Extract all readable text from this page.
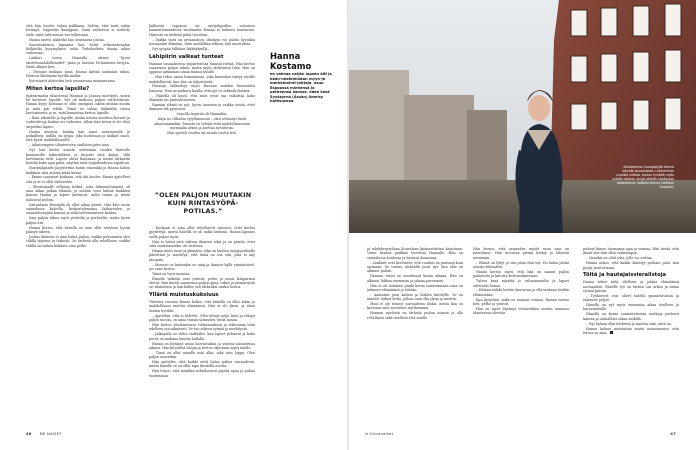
että hän huolee siihen palkkaan. Selvisi, että tauti onkin levinnyt, loppuikin kumppani. Siinä vaiheessa ei tiedetty vielä, mitä tulevaisuus tuo tullessaan.

Hanna mietti, näkeekö hän seuraavaa joulua.

Saavatuksensa tapaama hän heitti erikoissairaalan lääkäriltä kysymyksen: onko Terhokodista tämän aikaa vaiheessa?

Lääkäri totesi Hannalle olevan ”hyvät taistelumahdollisuudet” pään ja luuston leviämiseen liittyen. Hoito alkaisi heti.

– Olemme mukana siinä, Hanna kiittää sairaalan tukea. Hoitoon lähdimme hyvillä mielin.

Sytostaatit aloitettiin heti seuraavana maanantaina.

Miten kertoa lapsille?

Epävarmassa tilanteessa Hannaa ja Jannea mietitytti, miten he kertovat lapsille. Nyt oli tiedossa paljon selvitettävää. Hanna kysyi Kostamo ei ollut enempää oikein mitään muuta ja mitä piti tehdä. Tämä on vähän lääkäriltä tietoa kertomisesta ja se, mitä kannattaa kertoa lapsille.

– Ihan aikuisille ja lapsille, koska asioita muuttuu kovasti ja vaihtoehtoja hoidon eri vaiheissa, silloin kun tietoa ei ole ollut tarpeeksi lapset.

Hanna muistaa, kuinka hän sanoi nuorimmalle ja poikalleen: äidillä on syöpä, joka hoidetaan ja lääkäri sanoi, että hyvät mahdollisuudet.

– Aikuisempien tilanteeseen sisältäen juttu aina.

Nyt hän kertoi asiasta seitsemän vuoden ikäiselle kauniaisille kaksoisilleen ja kirjoitti siitä kirjan, sillä kertomista riitti. Lapset olivat kanssaan, ja tuntui tärkeältä heittää koko ajan pitää, näyttää mitä syöpähoidossa tapahtuu.

Syntymäpäivät järjestettiin kuten ennenkin ja Hanna halusi kaikkien siitä arjesta pitää kiinni.

– Emme sanoneet koskaan, että äiti kuolee. Emme ajatelleet sitä ja se ei ollut vaihtoehto.

– Muistamalle sellaisia hetkiä, joita lukuunottamatta oli aina aikaa jatkaa elämää, ja mitään voisi laittaa kaikkien kanssa Hanna ja lapset kertoivat, miltä tuntui ja mistä halusivat puhua.

Sairaalassa Hannalla oli ollut aikaa päivät. Hän kävi usein sairaalassa kahvilla, keskustelemassa lääkäreiden ja sairaanhoitajien kanssa ja mitä tulevaisuuteen kuuluu.

Sain paljon tukea myös ystäviltä ja perheeltä, mutta hyvin paljon itse.

Hanna kertoo, että hänellä on aina ollut erityisen hyvää pääsyä tukeen.

Joskus ihminen ei aina halua puhua, vaikka puhuminen olisi välillä tarpeen ja tärkeää. On tärkeää olla rehellinen, vaikka välillä on vaikea kohdata oma pelko.

kallioista tapaavat tai sytöpilujoiden voitaessa hanmattomuudesta huolimatta Hanna ei haluaisi hautautua. Hänestä on tärkeää pitää tavoittaa.

– Vaikka tauti on arvaamaton, ilmiinen voi palata hyvinkin normaaliin elämään. Näin mielellään tekisin, hän muistuttaa.

Nyt syöpää hillitään lääkityksellä.

Lähipiirin vaikeat tunteet

Hannan sosiaalisessa ympäristössä ihmisiä riittää. Hän kertoo osaavansa paljon tukea, mutta myös jättävänsä tilaa. Hän on oppinut antamaan oman tilansa toisille.

– Hän tekee omaa hommaansa, joka kuitenkin siirtyy toisille mahdollisesti, kun hän on tyhjentävää.

Huonoja välituuloja myös Hannan muiden haasteiden lomassa. Niin on mukava kuulla, että nyt on tärkeää ihmisiä.

– Hänellä oli kuuti, että asiat eivät saa vaikuttaa koko elämään tai parisuhteeseen.

Hannan elämä on nyt, hyvin tasainen ja vaikka tietää, ettei ihminen elä pysyvästi.

Sancilla liepivää oli Hannahin:

Käyn ne tilkoista sytyttanmuun – olen selvinnyt tästä aikaisemminkin. Parasta on tyttäät ettäi mahdollisuutena normaalia arkea ja asettaa tavoitteita.

Hän ajatteli vuoden tai monta vuotta sitä.

– Koskaan ei aina ollut rehellisesti sanonut, ettei kertoa pyydettyä, mutta hänellä se oli mikä tiedossa. Hanna lapsuus siellä palasi myös.

Hän ei halua siitä vahvan ihmisen siksi ja on päivää, ettei siitä sairastamiskin ole tiedossa.

Hanna myös tunsi ja ymmärsi, joka on kuuluu syöpäpotilaalle päivittäin ja mietittyä, että tämä on osa sitä, joka ei näy ulospäin.

– Monesti se kuitenkin on näin ja ihmiset kyllä ymmärtävät, jos vaan kertoo.

Tämä on hyvä muistaa.

Hänelle tärkeää ovat ystävät, perhe ja muut lähipiirissä olevat. Hän kertoi saaneensa paljon apua, tukea ja ymmärrystä eri tilanteissa ja hän kokee sen tärkeäksi osaksi hoitoa.

Ylläriä muistuskuksiuus

Tulevina vuosina Hanna kokee, että hänellä on ollut aikaa ja mahdollisuus miettiä elämäänsä. Hän ei ole yksin, ja tämä tuntuu hyvältä.

– Ajatteliin, että ei helvetti. Olen tehnyt nelja lasta ja tehnyt paljon muuta, en anna tämän sairauden viedä minua.

Hän kertoo aloittaneensa valmennuksen ja tekevänsä töitä edelleen osa-aikaisesti. Se tuo arkeen rytmiä ja merkitystä.

– Jalkapallo on tullut tärkeäksi, kun lapset pelaavat ja koko perhe on mukana kentän laidalla.

Hanna on löytänyt uusia harrastuksia ja ystäviä sairautensa aikana. Hän kirjoittaa blogia ja kertoo arjestaan myös muille.

– Tämä on ollut minulle uusi alku, eikä vain loppu. Olen paljon muutakin.

Hän ajattelee, että kaikki eivät halua puhua sairaudesta, mutta hänelle se on ollut tapa käsitellä asioita.

Hän toivoo, että muutkin uskaltaisivat pyytää apua ja puhua tunteistaan.

”OLEN PALJON MUUTAKIN KUIN RINTASYÖPÄ-POTILAS.”
Hanna
Kostamo
ee vaimaa neljän lapsen äiti ja kään-nöstoimiston myyn-ja markkinointi-johtaja. asuu Espoossa miehensä ja perheensä kanssa. edee kesä Syväsyrnä (Ärpän) ilmeisy hultisuussa.
46 ME NAISET
Aikaisemmin kauppatytöt Hanna kävivät kuvauksissa. Liikkuminen suurisiä viikkoa, tuntuu hyvältä myös syövän aikana. Kuvat otettiin kesäsyssa kotisataman kalliolla Hanna Lahtisen taustalla.

ja tulehduspotilaan Kouvalaan käännettävinä katsotaan. Viime kesänä paikkaa tarvittiin Hannalle. Hän on sairaalassa hoidossa ja hyvässä kunnossa.

– Lääkärit ovat kertoneet, että vointini on parempi kuin aiemmin. Se tuntuu tärkeältä juuri nyt, kun arki on alkanut palata.

Hannan vointi on muuttunut kesän aikana. Hän on alkanut liikkua enemmän ja jaksaa paremmin.

Hän ei ole halunnut jäädä kotiin sairastamaan vaan on jatkanut elämäänsä ja töitään.

– Aamuisin juon kahvin ja lähden kävelylle. Se on minulle tärkeä hetki, jolloin saan olla yksin ja miettiä.

Moni ei ole tiennyt sairaudesta aluksi, mutta hän on kertonut siitä avoimesti myöhemmin.

Hannan mielestä on tärkeää puhua asiasta ja olla rehellinen sekä itselleen että muille.

Hän kertoo, että sairauden myötä moni asia on muuttunut. Hän arvostaa pieniä hetkiä ja läheisiä enemmän.

– Elämä on lyhyt ja sitä pitää elää nyt. En halua jättää asioita tekemättä.

Hanna kertoo myös, että hän on saanut paljon palautetta ja kiitosta kertomuksestaan.

Tuleva kesä näyttää jo valoisammalta ja lapset odottavat lomaa.

– Haluan nähdä lasteni kasvavan ja olla mukana heidän elämässään.

Kun kysytään, mikä on antanut voimaa, Hanna vastaa heti: perhe ja ystävät.

Hän on myös löytänyt vertaistukea muista samassa tilanteessa olevista.

pitänyt hänen huomansa ajan ja voimaa. Hän tietää, että ilman sitä olisi ollut vaikeampaa.

– Onneksi on ollut joku, jolle voi soittaa.

Hanna uskoo, että kaikki kääntyy parhain päin, kun pysyy positiivisena.

Töitä ja hautajaisvierailstoja

Hanna tekee töitä edelleen ja jatkaa elämäänsä normaalisti. Hänelle työ on tärkeä osa arkea ja antaa rytmiä päiviin.

– Työkaverit ovat olleet todella ymmärtäväisiä ja tukeneet paljon.

Hänellä on nyt myös enemmän aikaa itselleen ja harrastuksille.

Hänellä on kesän suunnitelmissa matkoja perheen kanssa ja rauhallista aikaa mökillä.

– Nyt haluan elää hetkessä ja nauttia siitä, mitä on.

Hanna haluaa muistuttaa muita sairastuneita, että toivoa on aina.

is.fi/menaiset	47
